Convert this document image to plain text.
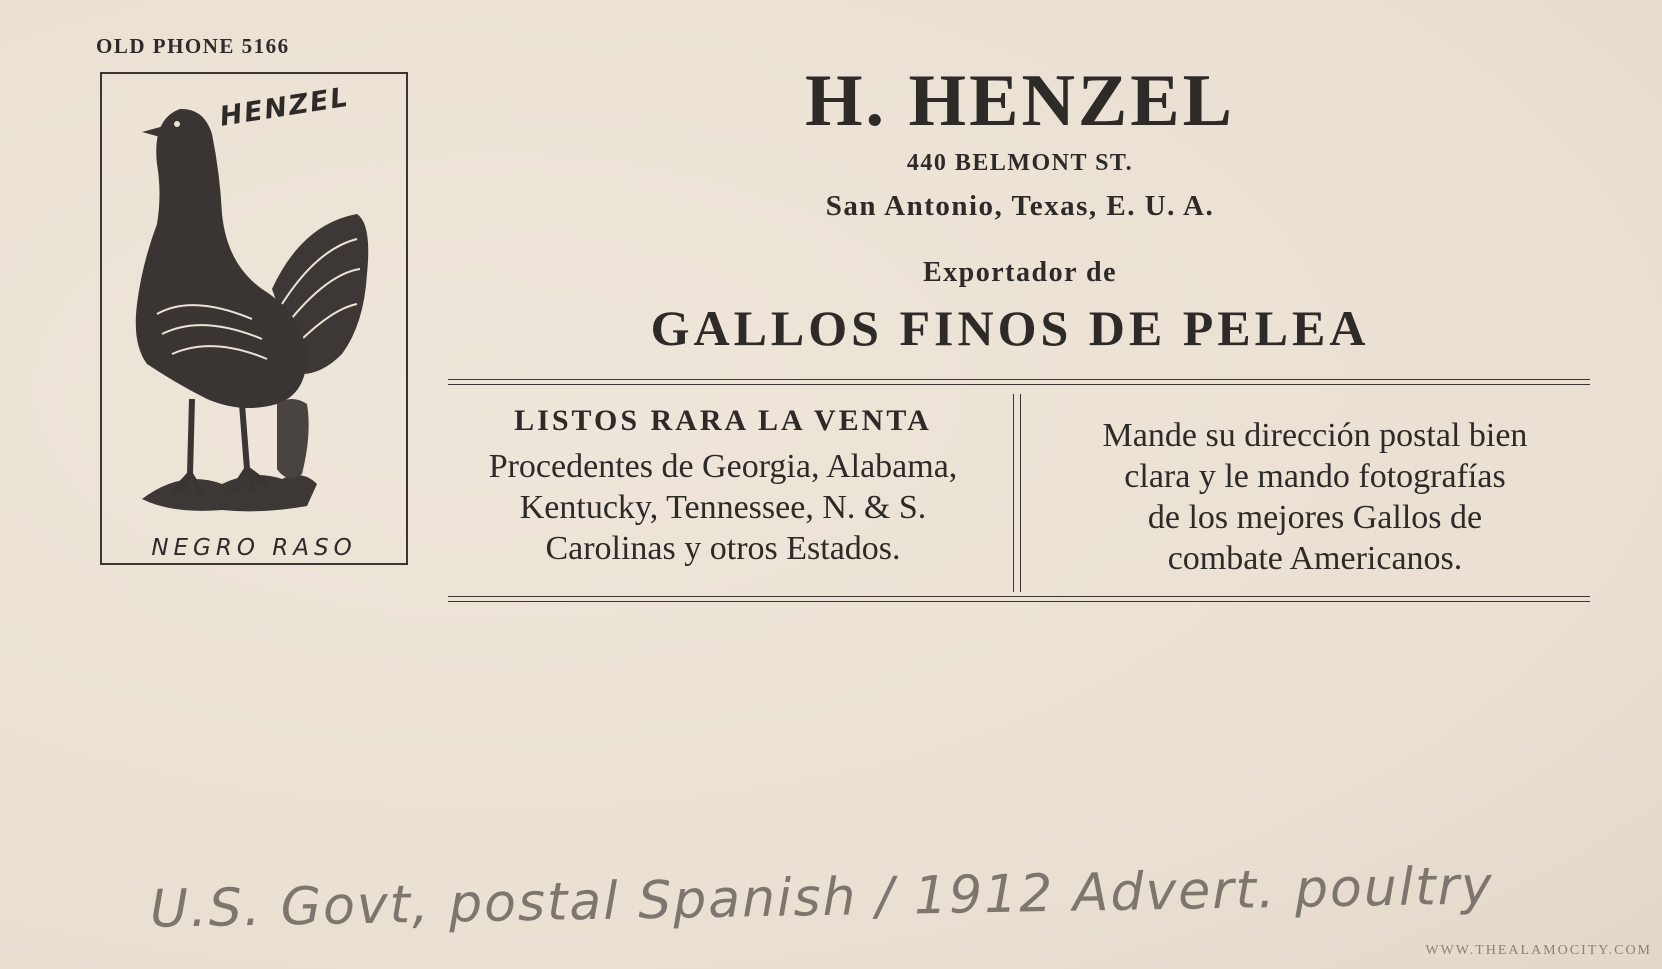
OLD PHONE 5166
HENZEL
NEGRO RASO
H. HENZEL
440 BELMONT ST.
San Antonio, Texas, E. U. A.
Exportador de
GALLOS FINOS DE PELEA
LISTOS RARA LA VENTA
Procedentes de Georgia, Alabama,
Kentucky, Tennessee, N. & S.
Carolinas y otros Estados.
Mande su dirección postal bien
clara y le mando fotografías
de los mejores Gallos de
combate Americanos.
U.S. Govt, postal Spanish / 1912 Advert. poultry
WWW.THEALAMOCITY.COM
